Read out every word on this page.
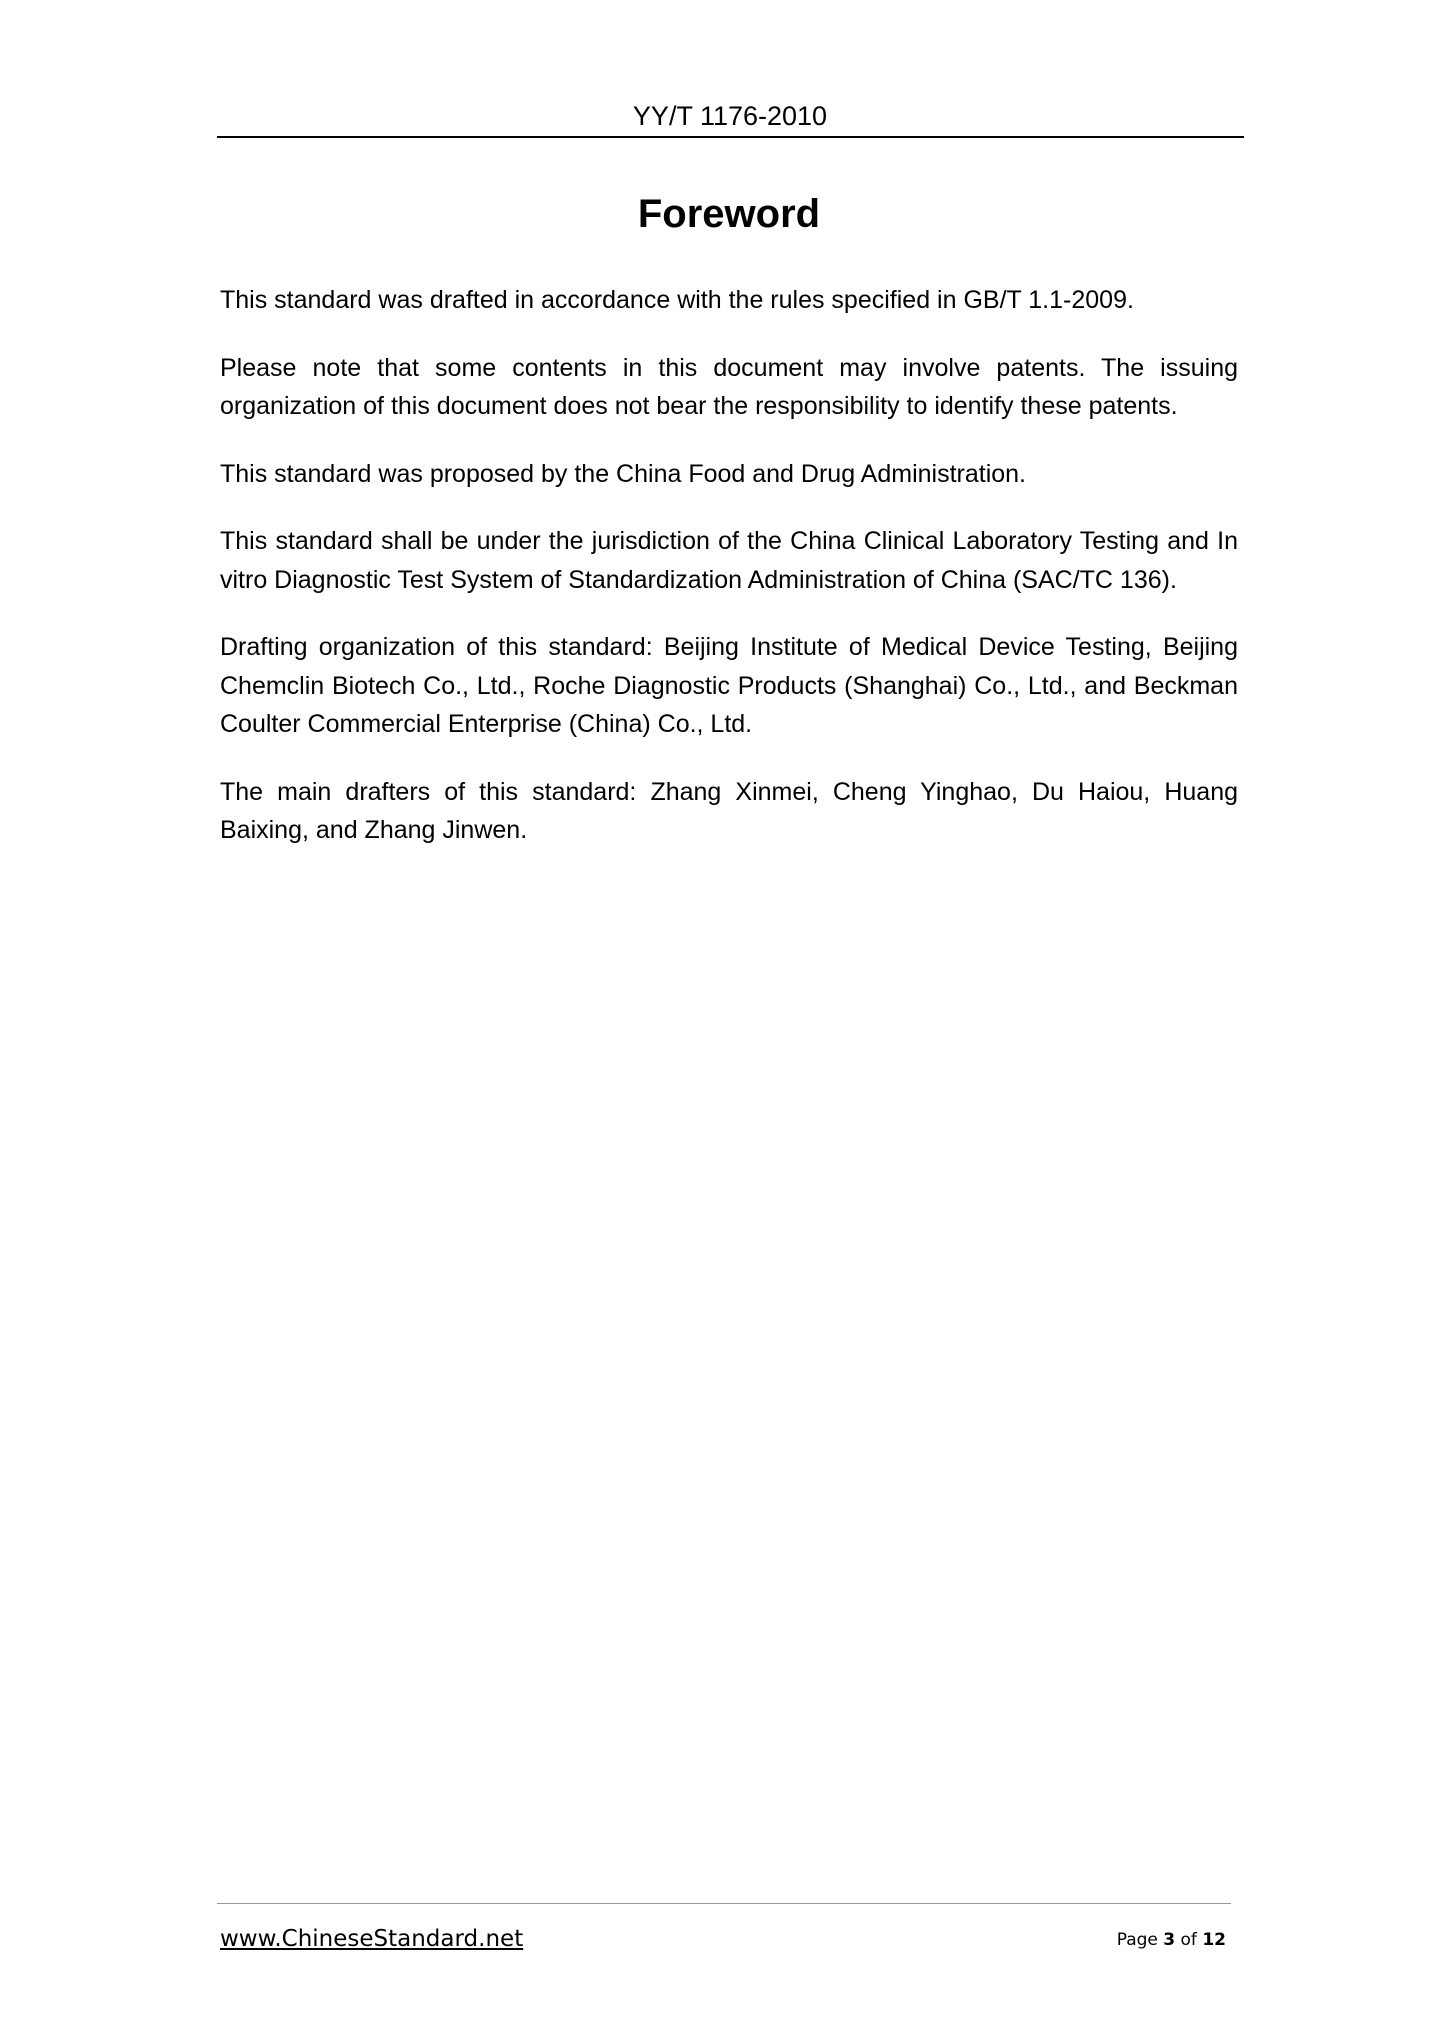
YY/T 1176-2010
Foreword

This standard was drafted in accordance with the rules specified in GB/T 1.1-2009.

Please note that some contents in this document may involve patents. The issuing organization of this document does not bear the responsibility to identify these patents.

This standard was proposed by the China Food and Drug Administration.

This standard shall be under the jurisdiction of the China Clinical Laboratory Testing and In vitro Diagnostic Test System of Standardization Administration of China (SAC/TC 136).

Drafting organization of this standard: Beijing Institute of Medical Device Testing, Beijing Chemclin Biotech Co., Ltd., Roche Diagnostic Products (Shanghai) Co., Ltd., and Beckman Coulter Commercial Enterprise (China) Co., Ltd.

The main drafters of this standard: Zhang Xinmei, Cheng Yinghao, Du Haiou, Huang Baixing, and Zhang Jinwen.

www.ChineseStandard.net	Page 3 of 12
